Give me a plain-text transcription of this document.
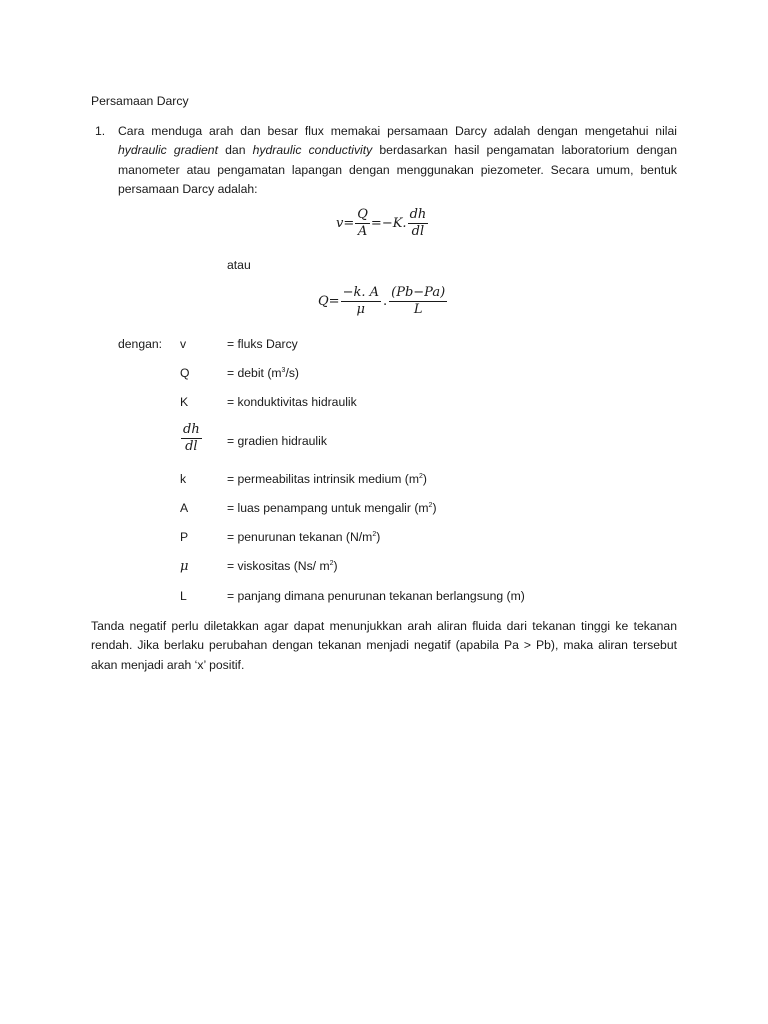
Persamaan Darcy
1. Cara menduga arah dan besar flux memakai persamaan Darcy adalah dengan mengetahui nilai hydraulic gradient dan hydraulic conductivity berdasarkan hasil pengamatan laboratorium dengan manometer atau pengamatan lapangan dengan menggunakan piezometer. Secara umum, bentuk persamaan Darcy adalah:
$v= \frac{Q}{A} =-K$. $\frac{dh}{dl}$
atau
$Q= \frac{-k. A}{\mu}$ . $\frac{(Pb-Pa)}{L}$
dengan: v	= fluks Darcy
Q	= debit $(m^3/s)$
K	= konduktivitas hidraulik
$\frac{dh}{dl}$ = gradien hidraulik
k	= permeabilitas intrinsik medium $(m^2)$
A	= luas penampang untuk mengalir $(m^2)$
P	= penurunan tekanan $(N/m^2)$
μ	= viskositas (Ns/ $m^2$)
L	= panjang dimana penurunan tekanan berlangsung (m)
Tanda negatif perlu diletakkan agar dapat menunjukkan arah aliran fluida dari tekanan tinggi ke tekanan rendah. Jika berlaku perubahan dengan tekanan menjadi negatif (apabila Pa > Pb), maka aliran tersebut akan menjadi arah ‘x’ positif.
